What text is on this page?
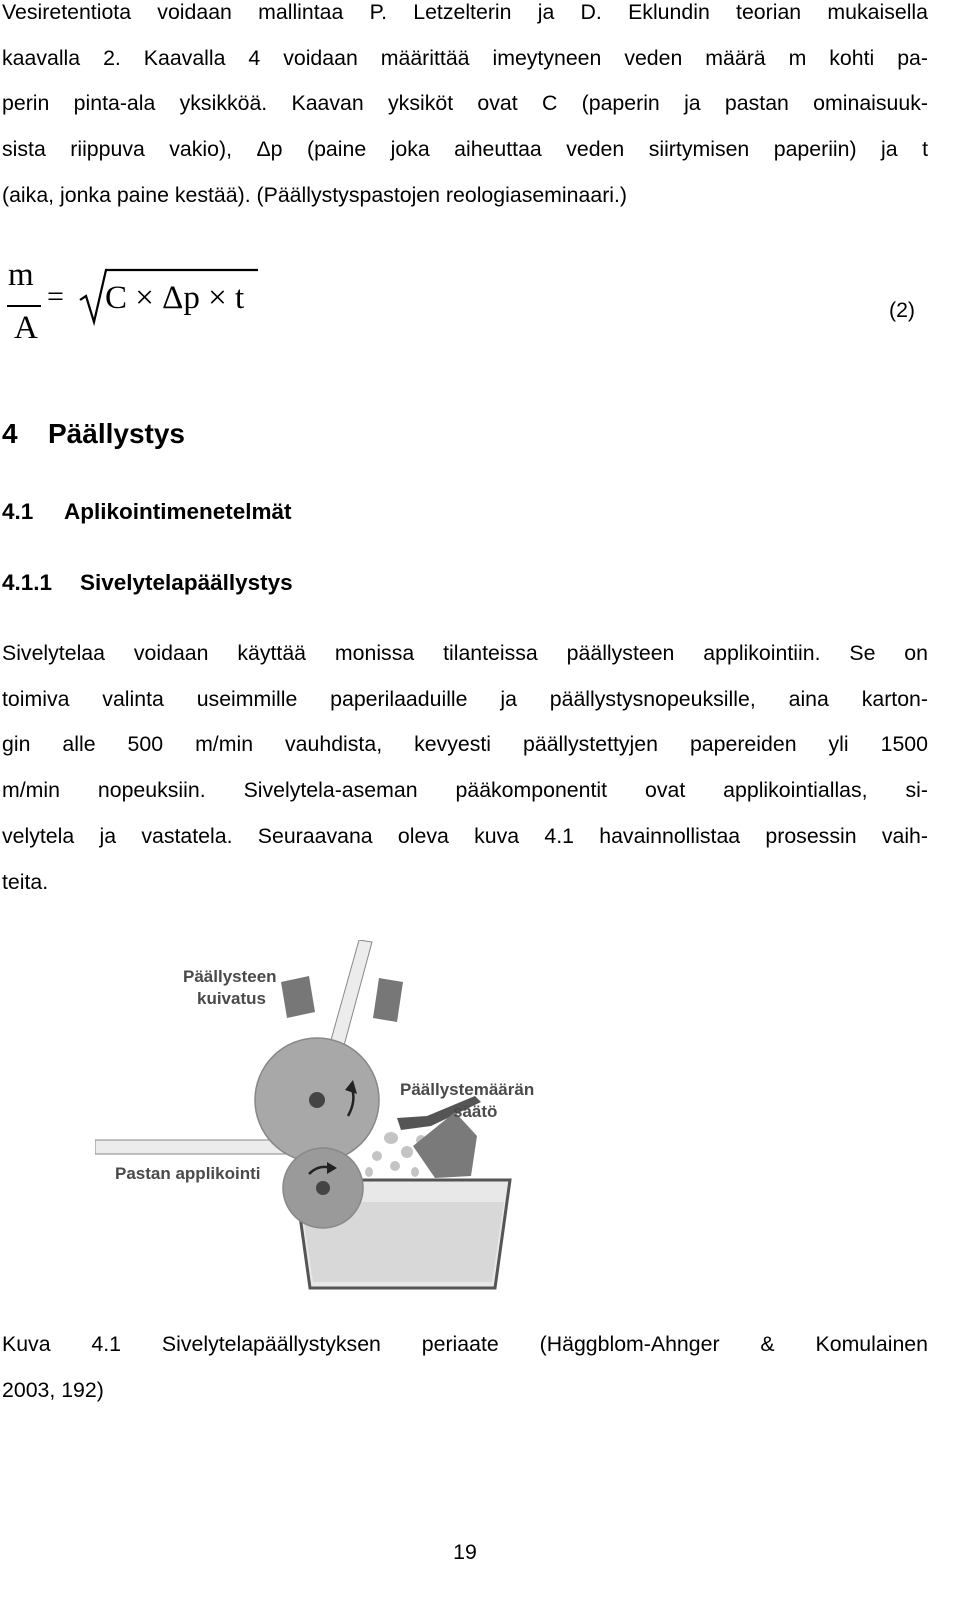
Vesiretentiota voidaan mallintaa P. Letzelterin ja D. Eklundin teorian mukaisella
kaavalla 2. Kaavalla 4 voidaan määrittää imeytyneen veden määrä m kohti pa-
perin pinta-ala yksikköä. Kaavan yksiköt ovat C (paperin ja pastan ominaisuuk-
sista riippuva vakio), Δp (paine joka aiheuttaa veden siirtymisen paperiin) ja t
(aika, jonka paine kestää). (Päällystyspastojen reologiaseminaari.)

m
A
= C × Δp × t	(2)
4 Päällystys
4.1 Aplikointimenetelmät
4.1.1 Sivelytelapäällystys

Sivelytelaa voidaan käyttää monissa tilanteissa päällysteen applikointiin. Se on
toimiva valinta useimmille paperilaaduille ja päällystysnopeuksille, aina karton-
gin alle 500 m/min vauhdista, kevyesti päällystettyjen papereiden yli 1500
m/min nopeuksiin. Sivelytela-aseman pääkomponentit ovat applikointiallas, si-
velytela ja vastatela. Seuraavana oleva kuva 4.1 havainnollistaa prosessin vaih-
teita.

Päällysteen
kuivatus
Päällystemäärän
säätö
Pastan applikointi

Kuva 4.1 Sivelytelapäällystyksen periaate (Häggblom-Ahnger & Komulainen
2003, 192)

19
